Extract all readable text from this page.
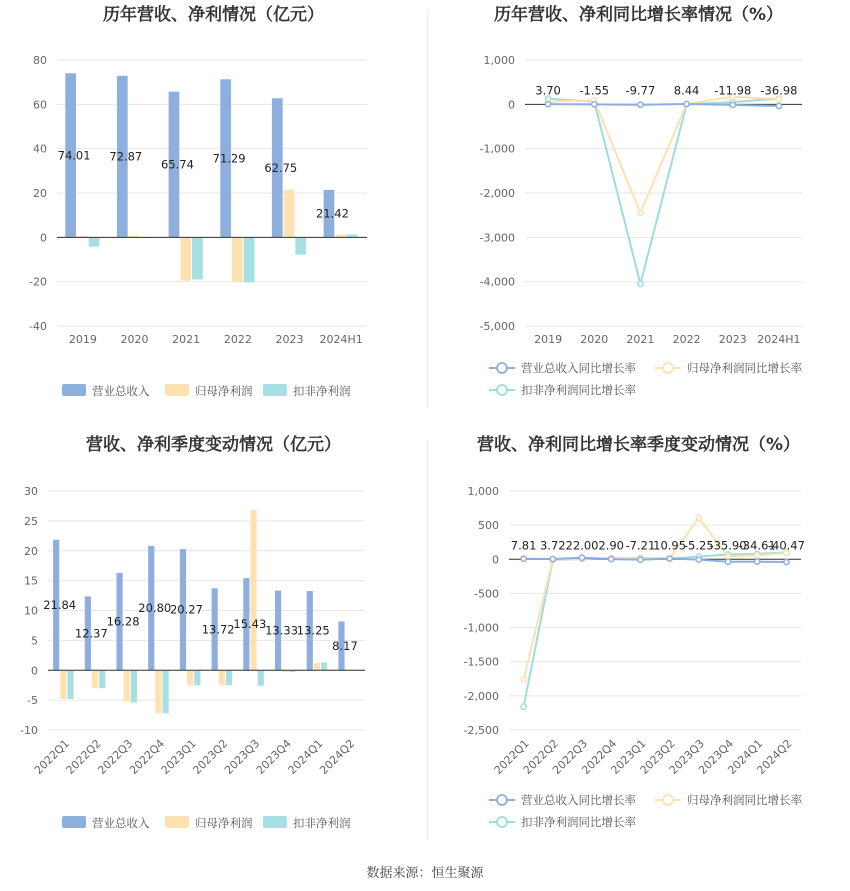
历年营收、净利情况（亿元）
-40
-20
0
20
40
60
80
2019 2020 2021 2022 2023 2024H1
74.01 72.87
65.74 71.29
62.75
21.42
营业总收入	归母净利润	扣非净利润
历年营收、净利同比增长率情况（%）
-5,000
-4,000
-3,000
-2,000
-1,000
0
1,000
2019 2020 2021 2022 2023 2024H1
3.70 -1.55 -9.77 8.44 -11.98 -36.98
营业总收入同比增长率	归母净利润同比增长率
扣非净利润同比增长率
营收、净利季度变动情况（亿元）
-10
-5
0
5
10
15
20
25
30
2022Q1
2022Q2
2022Q3
2022Q4
2023Q1
2023Q2
2023Q3
2023Q4
2024Q1
2024Q2
21.84
12.37
16.28
20.80
20.27
13.72
15.43
13.33
13.25
8.17
营业总收入	归母净利润	扣非净利润
营收、净利同比增长率季度变动情况（%）
-2,500
-2,000
-1,500
-1,000
-500
0
500
1,000
2022Q1
2022Q2
2022Q3
2022Q4
2023Q1
2023Q2
2023Q3
2023Q4
2024Q1
2024Q2
7.81 3.72 22.00 2.90 -7.21
10.95
-5.25
-35.90
-34.61
-40.47
营业总收入同比增长率	归母净利润同比增长率
扣非净利润同比增长率
数据来源：恒生聚源
